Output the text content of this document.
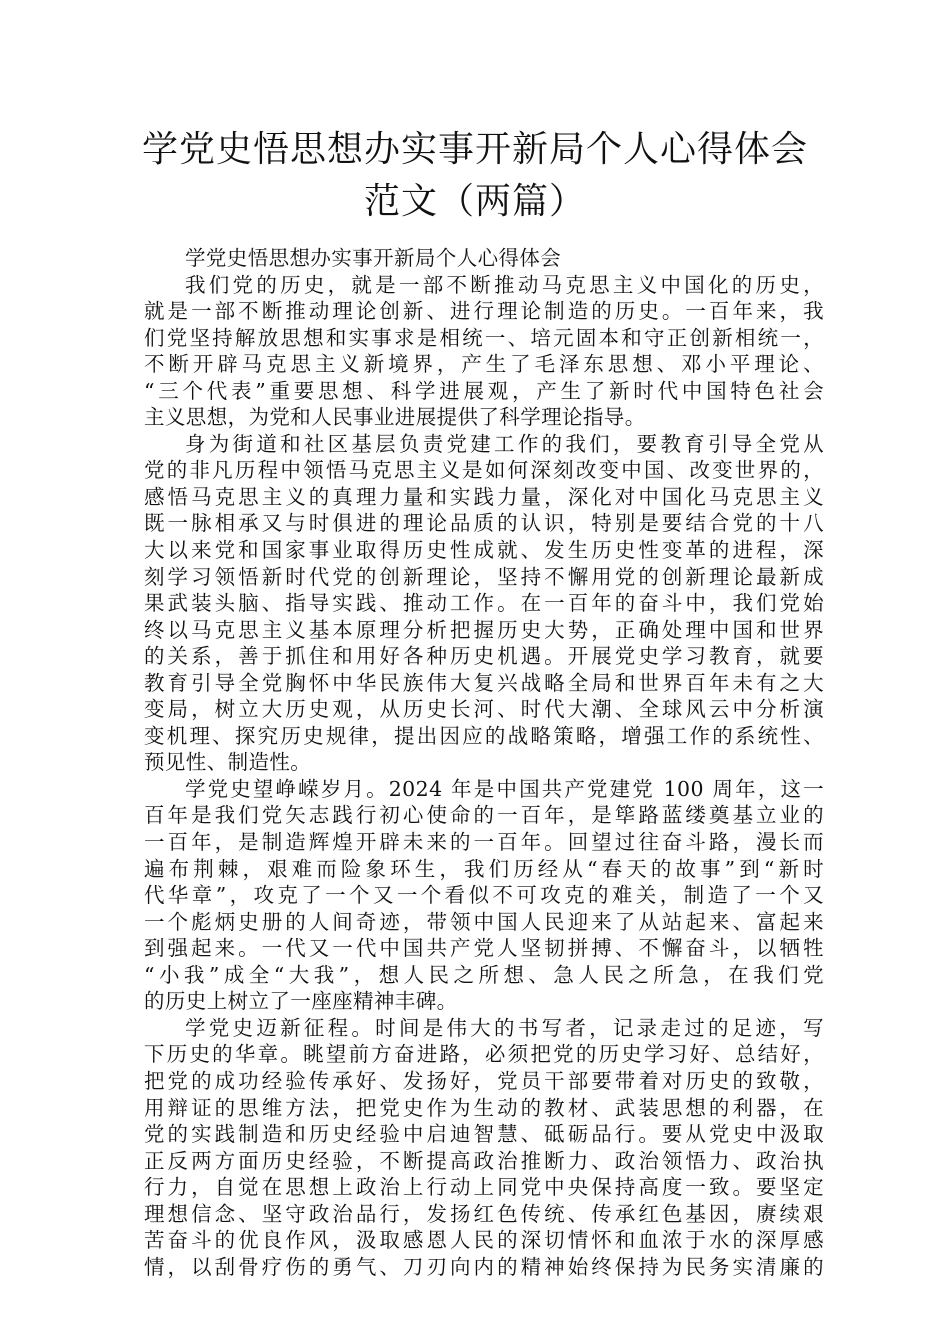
学党史悟思想办实事开新局个人心得体会
范文（两篇）
学党史悟思想办实事开新局个人心得体会
我们党的历史，就是一部不断推动马克思主义中国化的历史，
就是一部不断推动理论创新、进行理论制造的历史。一百年来，我
们党坚持解放思想和实事求是相统一、培元固本和守正创新相统一，
不断开辟马克思主义新境界，产生了毛泽东思想、邓小平理论、
“三个代表”重要思想、科学进展观，产生了新时代中国特色社会
主义思想，为党和人民事业进展提供了科学理论指导。
身为街道和社区基层负责党建工作的我们，要教育引导全党从
党的非凡历程中领悟马克思主义是如何深刻改变中国、改变世界的，
感悟马克思主义的真理力量和实践力量，深化对中国化马克思主义
既一脉相承又与时俱进的理论品质的认识，特别是要结合党的十八
大以来党和国家事业取得历史性成就、发生历史性变革的进程，深
刻学习领悟新时代党的创新理论，坚持不懈用党的创新理论最新成
果武装头脑、指导实践、推动工作。在一百年的奋斗中，我们党始
终以马克思主义基本原理分析把握历史大势，正确处理中国和世界
的关系，善于抓住和用好各种历史机遇。开展党史学习教育，就要
教育引导全党胸怀中华民族伟大复兴战略全局和世界百年未有之大
变局，树立大历史观，从历史长河、时代大潮、全球风云中分析演
变机理、探究历史规律，提出因应的战略策略，增强工作的系统性、
预见性、制造性。
学党史望峥嵘岁月。2024 年是中国共产党建党 100 周年，这一
百年是我们党矢志践行初心使命的一百年，是筚路蓝缕奠基立业的
一百年，是制造辉煌开辟未来的一百年。回望过往奋斗路，漫长而
遍布荆棘，艰难而险象环生，我们历经从“春天的故事”到“新时
代华章”，攻克了一个又一个看似不可攻克的难关，制造了一个又
一个彪炳史册的人间奇迹，带领中国人民迎来了从站起来、富起来
到强起来。一代又一代中国共产党人坚韧拼搏、不懈奋斗，以牺牲
“小我”成全“大我”，想人民之所想、急人民之所急，在我们党
的历史上树立了一座座精神丰碑。
学党史迈新征程。时间是伟大的书写者，记录走过的足迹，写
下历史的华章。眺望前方奋进路，必须把党的历史学习好、总结好，
把党的成功经验传承好、发扬好，党员干部要带着对历史的致敬，
用辩证的思维方法，把党史作为生动的教材、武装思想的利器，在
党的实践制造和历史经验中启迪智慧、砥砺品行。要从党史中汲取
正反两方面历史经验，不断提高政治推断力、政治领悟力、政治执
行力，自觉在思想上政治上行动上同党中央保持高度一致。要坚定
理想信念、坚守政治品行，发扬红色传统、传承红色基因，赓续艰
苦奋斗的优良作风，汲取感恩人民的深切情怀和血浓于水的深厚感
情，以刮骨疗伤的勇气、刀刃向内的精神始终保持为民务实清廉的
